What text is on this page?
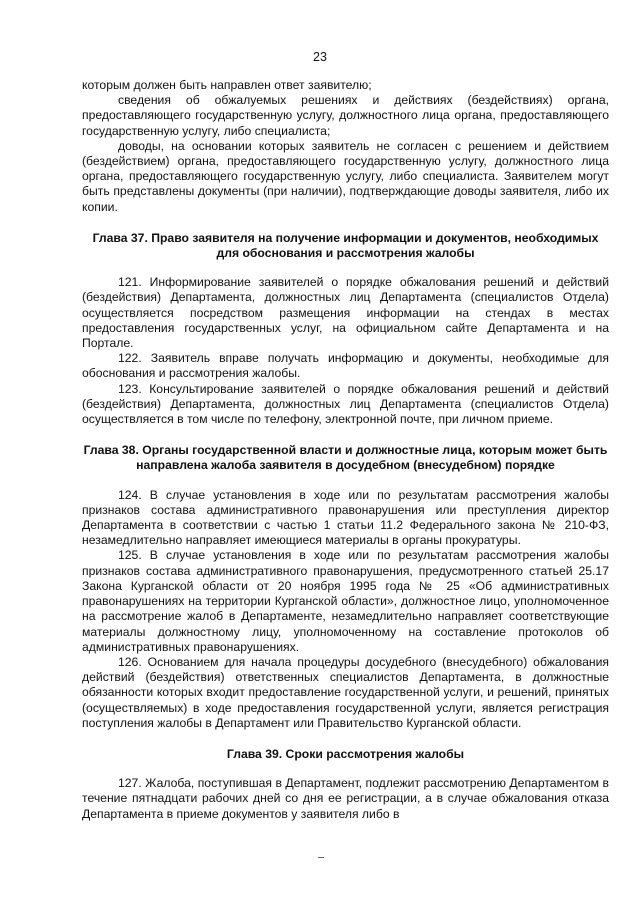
23

которым должен быть направлен ответ заявителю;

сведения об обжалуемых решениях и действиях (бездействиях) органа, предоставляющего государственную услугу, должностного лица органа, предоставляющего государственную услугу, либо специалиста;

доводы, на основании которых заявитель не согласен с решением и действием (бездействием) органа, предоставляющего государственную услугу, должностного лица органа, предоставляющего государственную услугу, либо специалиста. Заявителем могут быть представлены документы (при наличии), подтверждающие доводы заявителя, либо их копии.

Глава 37. Право заявителя на получение информации и документов, необходимых для обоснования и рассмотрения жалобы

121. Информирование заявителей о порядке обжалования решений и действий (бездействия) Департамента, должностных лиц Департамента (специалистов Отдела) осуществляется посредством размещения информации на стендах в местах предоставления государственных услуг, на официальном сайте Департамента и на Портале.

122. Заявитель вправе получать информацию и документы, необходимые для обоснования и рассмотрения жалобы.

123. Консультирование заявителей о порядке обжалования решений и действий (бездействия) Департамента, должностных лиц Департамента (специалистов Отдела) осуществляется в том числе по телефону, электронной почте, при личном приеме.

Глава 38. Органы государственной власти и должностные лица, которым может быть направлена жалоба заявителя в досудебном (внесудебном) порядке

124. В случае установления в ходе или по результатам рассмотрения жалобы признаков состава административного правонарушения или преступления директор Департамента в соответствии с частью 1 статьи 11.2 Федерального закона № 210-ФЗ, незамедлительно направляет имеющиеся материалы в органы прокуратуры.

125. В случае установления в ходе или по результатам рассмотрения жалобы признаков состава административного правонарушения, предусмотренного статьей 25.17 Закона Курганской области от 20 ноября 1995 года № 25 «Об административных правонарушениях на территории Курганской области», должностное лицо, уполномоченное на рассмотрение жалоб в Департаменте, незамедлительно направляет соответствующие материалы должностному лицу, уполномоченному на составление протоколов об административных правонарушениях.

126. Основанием для начала процедуры досудебного (внесудебного) обжалования действий (бездействия) ответственных специалистов Департамента, в должностные обязанности которых входит предоставление государственной услуги, и решений, принятых (осуществляемых) в ходе предоставления государственной услуги, является регистрация поступления жалобы в Департамент или Правительство Курганской области.

Глава 39. Сроки рассмотрения жалобы

127. Жалоба, поступившая в Департамент, подлежит рассмотрению Департаментом в течение пятнадцати рабочих дней со дня ее регистрации, а в случае обжалования отказа Департамента в приеме документов у заявителя либо в
